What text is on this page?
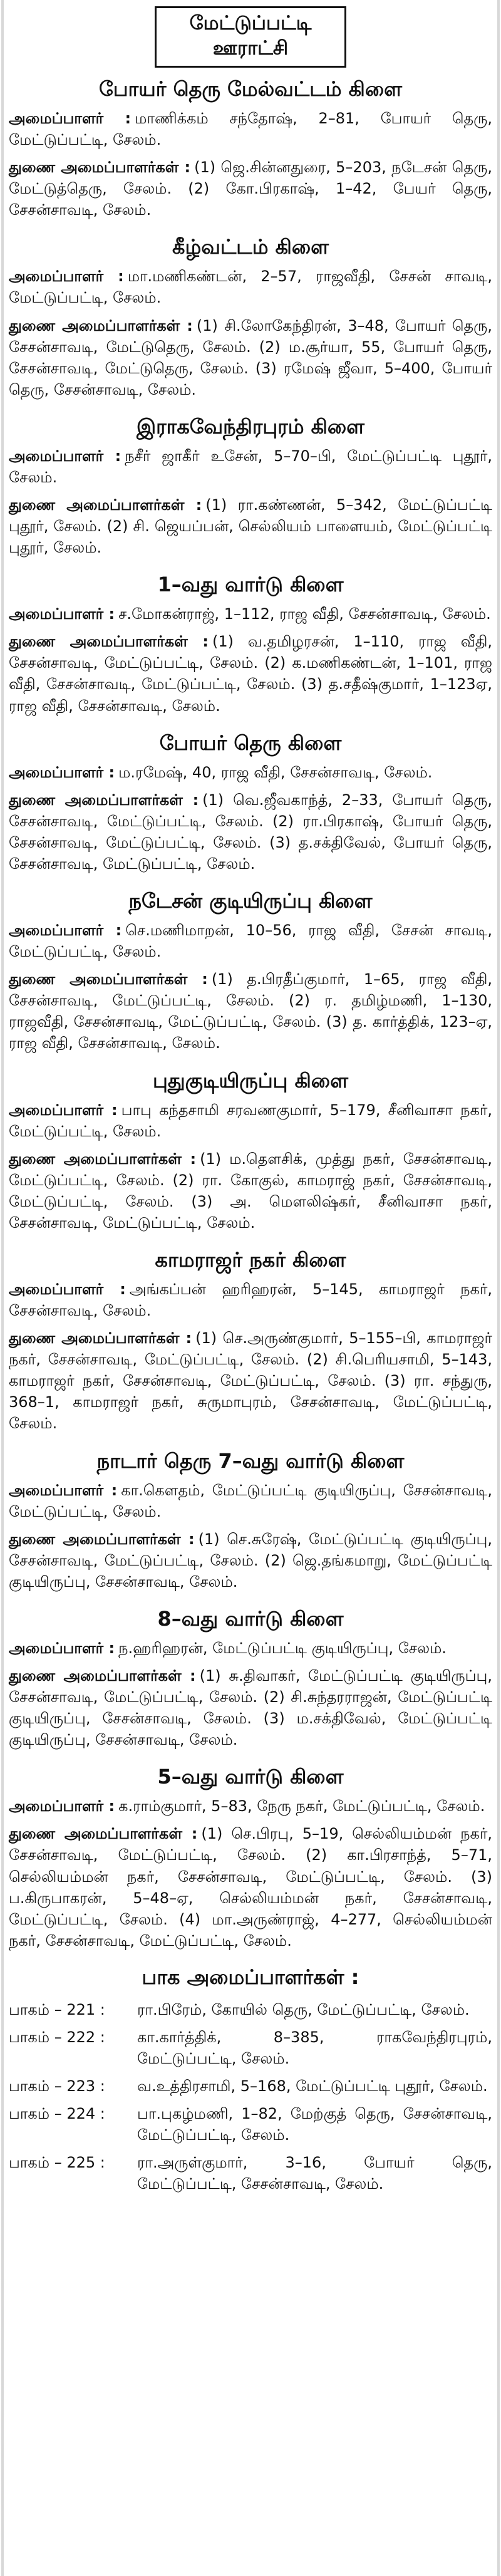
மேட்டுப்பட்டி ஊராட்சி
போயர் தெரு மேல்வட்டம் கிளை
அமைப்பாளர் : மாணிக்கம் சந்தோஷ், 2–81, போயர் தெரு, மேட்டுப்பட்டி, சேலம்.
துணை அமைப்பாளர்கள் : (1) ஜெ.சின்னதுரை, 5–203, நடேசன் தெரு, மேட்டுத்தெரு, சேலம். (2) கோ.பிரகாஷ், 1–42, பேயர் தெரு, சேசன்சாவடி, சேலம்.
கீழ்வட்டம் கிளை
அமைப்பாளர் : மா.மணிகண்டன், 2–57, ராஜவீதி, சேசன் சாவடி, மேட்டுப்பட்டி, சேலம்.
துணை அமைப்பாளர்கள் : (1) சி.லோகேந்திரன், 3–48, போயர் தெரு, சேசன்சாவடி, மேட்டுதெரு, சேலம். (2) ம.சூர்யா, 55, போயர் தெரு, சேசன்சாவடி, மேட்டுதெரு, சேலம். (3) ரமேஷ் ஜீவா, 5–400, போயர் தெரு, சேசன்சாவடி, சேலம்.
இராகவேந்திரபுரம் கிளை
அமைப்பாளர் : நசீர் ஜாகீர் உசேன், 5–70–பி, மேட்டுப்பட்டி புதூர், சேலம்.
துணை அமைப்பாளர்கள் : (1) ரா.கண்ணன், 5–342, மேட்டுப்பட்டி புதூர், சேலம். (2) சி. ஜெயப்பன், செல்லியம் பாளையம், மேட்டுப்பட்டி புதூர், சேலம்.
1–வது வார்டு கிளை
அமைப்பாளர் : ச.மோகன்ராஜ், 1–112, ராஜ வீதி, சேசன்சாவடி, சேலம்.
துணை அமைப்பாளர்கள் : (1) வ.தமிழரசன், 1–110, ராஜ வீதி, சேசன்சாவடி, மேட்டுப்பட்டி, சேலம். (2) க.மணிகண்டன், 1–101, ராஜ வீதி, சேசன்சாவடி, மேட்டுப்பட்டி, சேலம். (3) த.சதீஷ்குமார், 1–123ஏ, ராஜ வீதி, சேசன்சாவடி, சேலம்.
போயர் தெரு கிளை
அமைப்பாளர் : ம.ரமேஷ், 40, ராஜ வீதி, சேசன்சாவடி, சேலம்.
துணை அமைப்பாளர்கள் : (1) வெ.ஜீவகாந்த், 2–33, போயர் தெரு, சேசன்சாவடி, மேட்டுப்பட்டி, சேலம். (2) ரா.பிரகாஷ், போயர் தெரு, சேசன்சாவடி, மேட்டுப்பட்டி, சேலம். (3) த.சக்திவேல், போயர் தெரு, சேசன்சாவடி, மேட்டுப்பட்டி, சேலம்.
நடேசன் குடியிருப்பு கிளை
அமைப்பாளர் : செ.மணிமாறன், 10–56, ராஜ வீதி, சேசன் சாவடி, மேட்டுப்பட்டி, சேலம்.
துணை அமைப்பாளர்கள் : (1) த.பிரதீப்குமார், 1–65, ராஜ வீதி, சேசன்சாவடி, மேட்டுப்பட்டி, சேலம். (2) ர. தமிழ்மணி, 1–130, ராஜவீதி, சேசன்சாவடி, மேட்டுப்பட்டி, சேலம். (3) த. கார்த்திக், 123–ஏ, ராஜ வீதி, சேசன்சாவடி, சேலம்.
புதுகுடியிருப்பு கிளை
அமைப்பாளர் : பாபு கந்தசாமி சரவணகுமார், 5–179, சீனிவாசா நகர், மேட்டுப்பட்டி, சேலம்.
துணை அமைப்பாளர்கள் : (1) ம.தெளசிக், முத்து நகர், சேசன்சாவடி, மேட்டுப்பட்டி, சேலம். (2) ரா. கோகுல், காமராஜ் நகர், சேசன்சாவடி, மேட்டுப்பட்டி, சேலம். (3) அ. மௌலிஷ்கர், சீனிவாசா நகர், சேசன்சாவடி, மேட்டுப்பட்டி, சேலம்.
காமராஜர் நகர் கிளை
அமைப்பாளர் : அங்கப்பன் ஹரிஹரன், 5–145, காமராஜர் நகர், சேசன்சாவடி, சேலம்.
துணை அமைப்பாளர்கள் : (1) செ.அருண்குமார், 5–155–பி, காமராஜர் நகர், சேசன்சாவடி, மேட்டுப்பட்டி, சேலம். (2) சி.பெரியசாமி, 5–143, காமராஜர் நகர், சேசன்சாவடி, மேட்டுப்பட்டி, சேலம். (3) ரா. சந்துரு, 368–1, காமராஜர் நகர், சுருமாபுரம், சேசன்சாவடி, மேட்டுப்பட்டி, சேலம்.
நாடார் தெரு 7–வது வார்டு கிளை
அமைப்பாளர் : கா.கௌதம், மேட்டுப்பட்டி குடியிருப்பு, சேசன்சாவடி, மேட்டுப்பட்டி, சேலம்.
துணை அமைப்பாளர்கள் : (1) செ.சுரேஷ், மேட்டுப்பட்டி குடியிருப்பு, சேசன்சாவடி, மேட்டுப்பட்டி, சேலம். (2) ஜெ.தங்கமாறு, மேட்டுப்பட்டி குடியிருப்பு, சேசன்சாவடி, சேலம்.
8–வது வார்டு கிளை
அமைப்பாளர் : ந.ஹரிஹரன், மேட்டுப்பட்டி குடியிருப்பு, சேலம்.
துணை அமைப்பாளர்கள் : (1) சு.திவாகர், மேட்டுப்பட்டி குடியிருப்பு, சேசன்சாவடி, மேட்டுப்பட்டி, சேலம். (2) சி.சுந்தரராஜன், மேட்டுப்பட்டி குடியிருப்பு, சேசன்சாவடி, சேலம். (3) ம.சக்திவேல், மேட்டுப்பட்டி குடியிருப்பு, சேசன்சாவடி, சேலம்.
5–வது வார்டு கிளை
அமைப்பாளர் : க.ராம்குமார், 5–83, நேரு நகர், மேட்டுப்பட்டி, சேலம்.
துணை அமைப்பாளர்கள் : (1) செ.பிரபு, 5–19, செல்லியம்மன் நகர், சேசன்சாவடி, மேட்டுப்பட்டி, சேலம். (2) கா.பிரசாந்த், 5–71, செல்லியம்மன் நகர், சேசன்சாவடி, மேட்டுப்பட்டி, சேலம். (3) ப.கிருபாகரன், 5–48–ஏ, செல்லியம்மன் நகர், சேசன்சாவடி, மேட்டுப்பட்டி, சேலம். (4) மா.அருண்ராஜ், 4–277, செல்லியம்மன் நகர், சேசன்சாவடி, மேட்டுப்பட்டி, சேலம்.
பாக அமைப்பாளர்கள் :
பாகம் – 221 :	ரா.பிரேம், கோயில் தெரு, மேட்டுப்பட்டி, சேலம்.
பாகம் – 222 :	கா.கார்த்திக், 8–385, ராகவேந்திரபுரம், மேட்டுப்பட்டி, சேலம்.
பாகம் – 223 :	வ.உத்திரசாமி, 5–168, மேட்டுப்பட்டி புதூர், சேலம்.
பாகம் – 224 :	பா.புகழ்மணி, 1–82, மேற்குத் தெரு, சேசன்சாவடி, மேட்டுப்பட்டி, சேலம்.
பாகம் – 225 :	ரா.அருள்குமார், 3–16, போயர் தெரு, மேட்டுப்பட்டி, சேசன்சாவடி, சேலம்.
